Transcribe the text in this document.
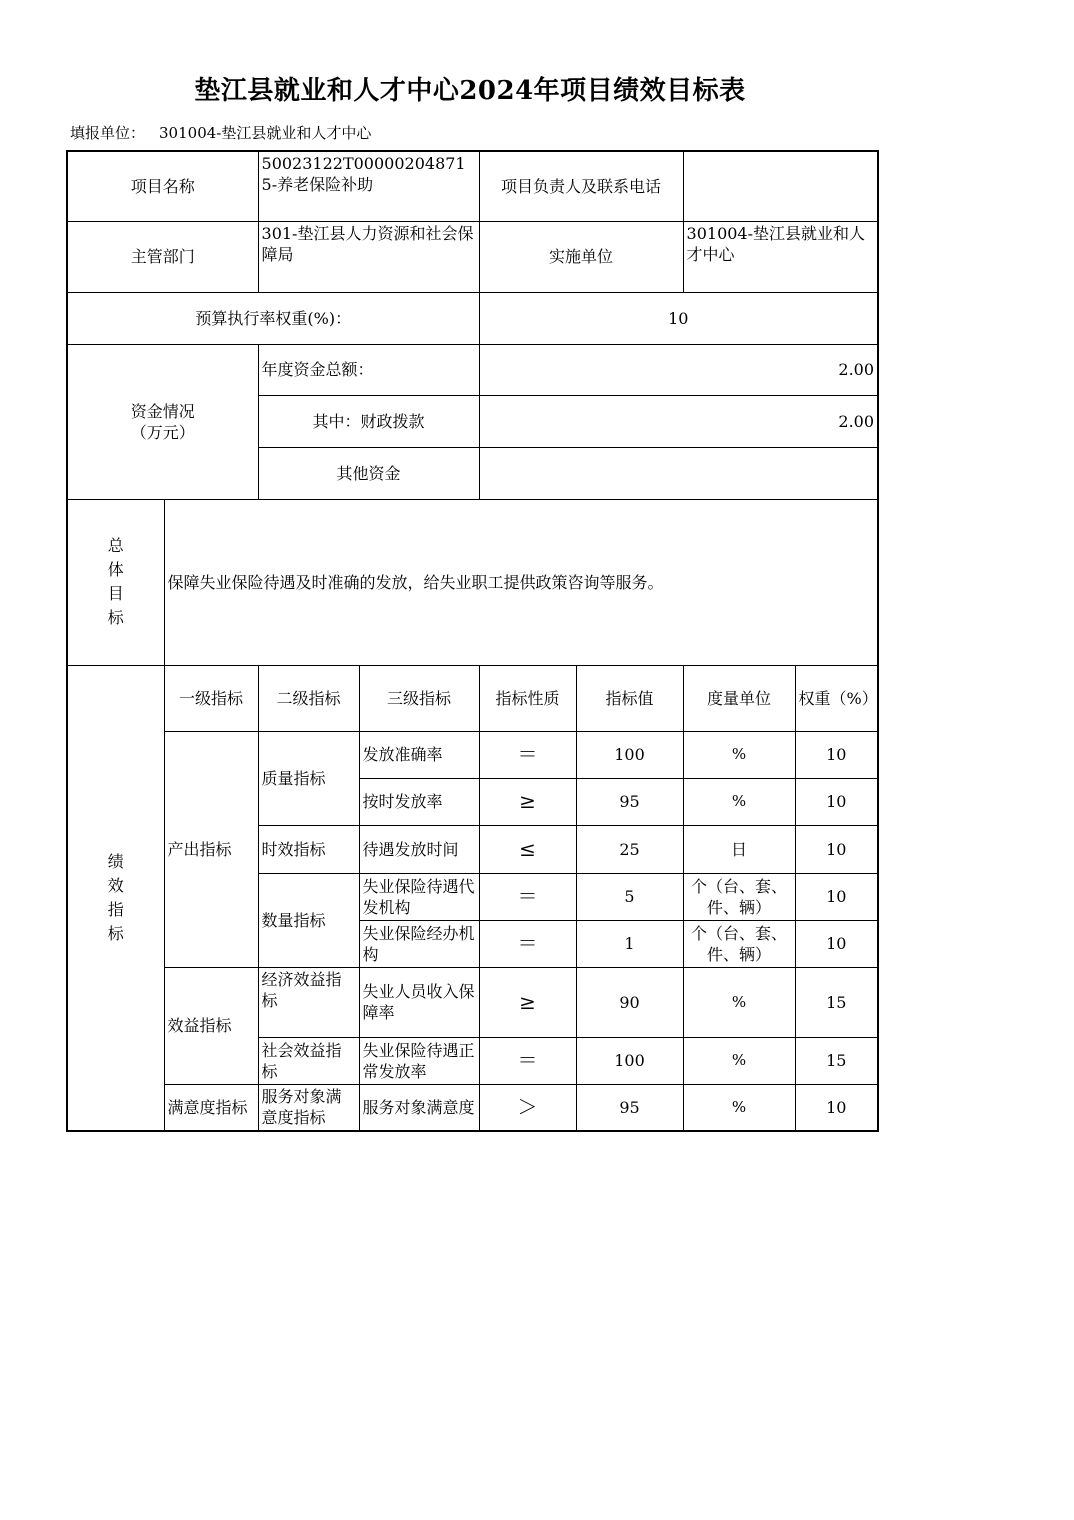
垫江县就业和人才中心2024年项目绩效目标表
填报单位： 301004-垫江县就业和人才中心
项目名称		50023122T000002048715-养老保险补助		项目负责人及联系电话			
主管部门		301-垫江县人力资源和社会保障局		实施单位		301004-垫江县就业和人才中心	
预算执行率权重(%)：				10			

资金情况
（万元）		年度资金总额：		2.00			
		其中：财政拨款		2.00			
		其他资金					

总
体
目
标	保障失业保险待遇及时准确的发放，给失业职工提供政策咨询等服务。						

绩
效
指
标	一级指标	二级指标	三级指标	指标性质	指标值	度量单位	权重（%）
	产出指标	质量指标	发放准确率	＝	100	%	10
			按时发放率	≥	95	%	10
		时效指标	待遇发放时间	≤	25	日	10
		数量指标	失业保险待遇代发机构	＝	5	个（台、套、件、辆）	10
			失业保险经办机构	＝	1	个（台、套、件、辆）	10
	效益指标	经济效益指标	失业人员收入保障率	≥	90	%	15
		社会效益指标	失业保险待遇正常发放率	＝	100	%	15
	满意度指标	服务对象满意度指标	服务对象满意度	＞	95	%	10
